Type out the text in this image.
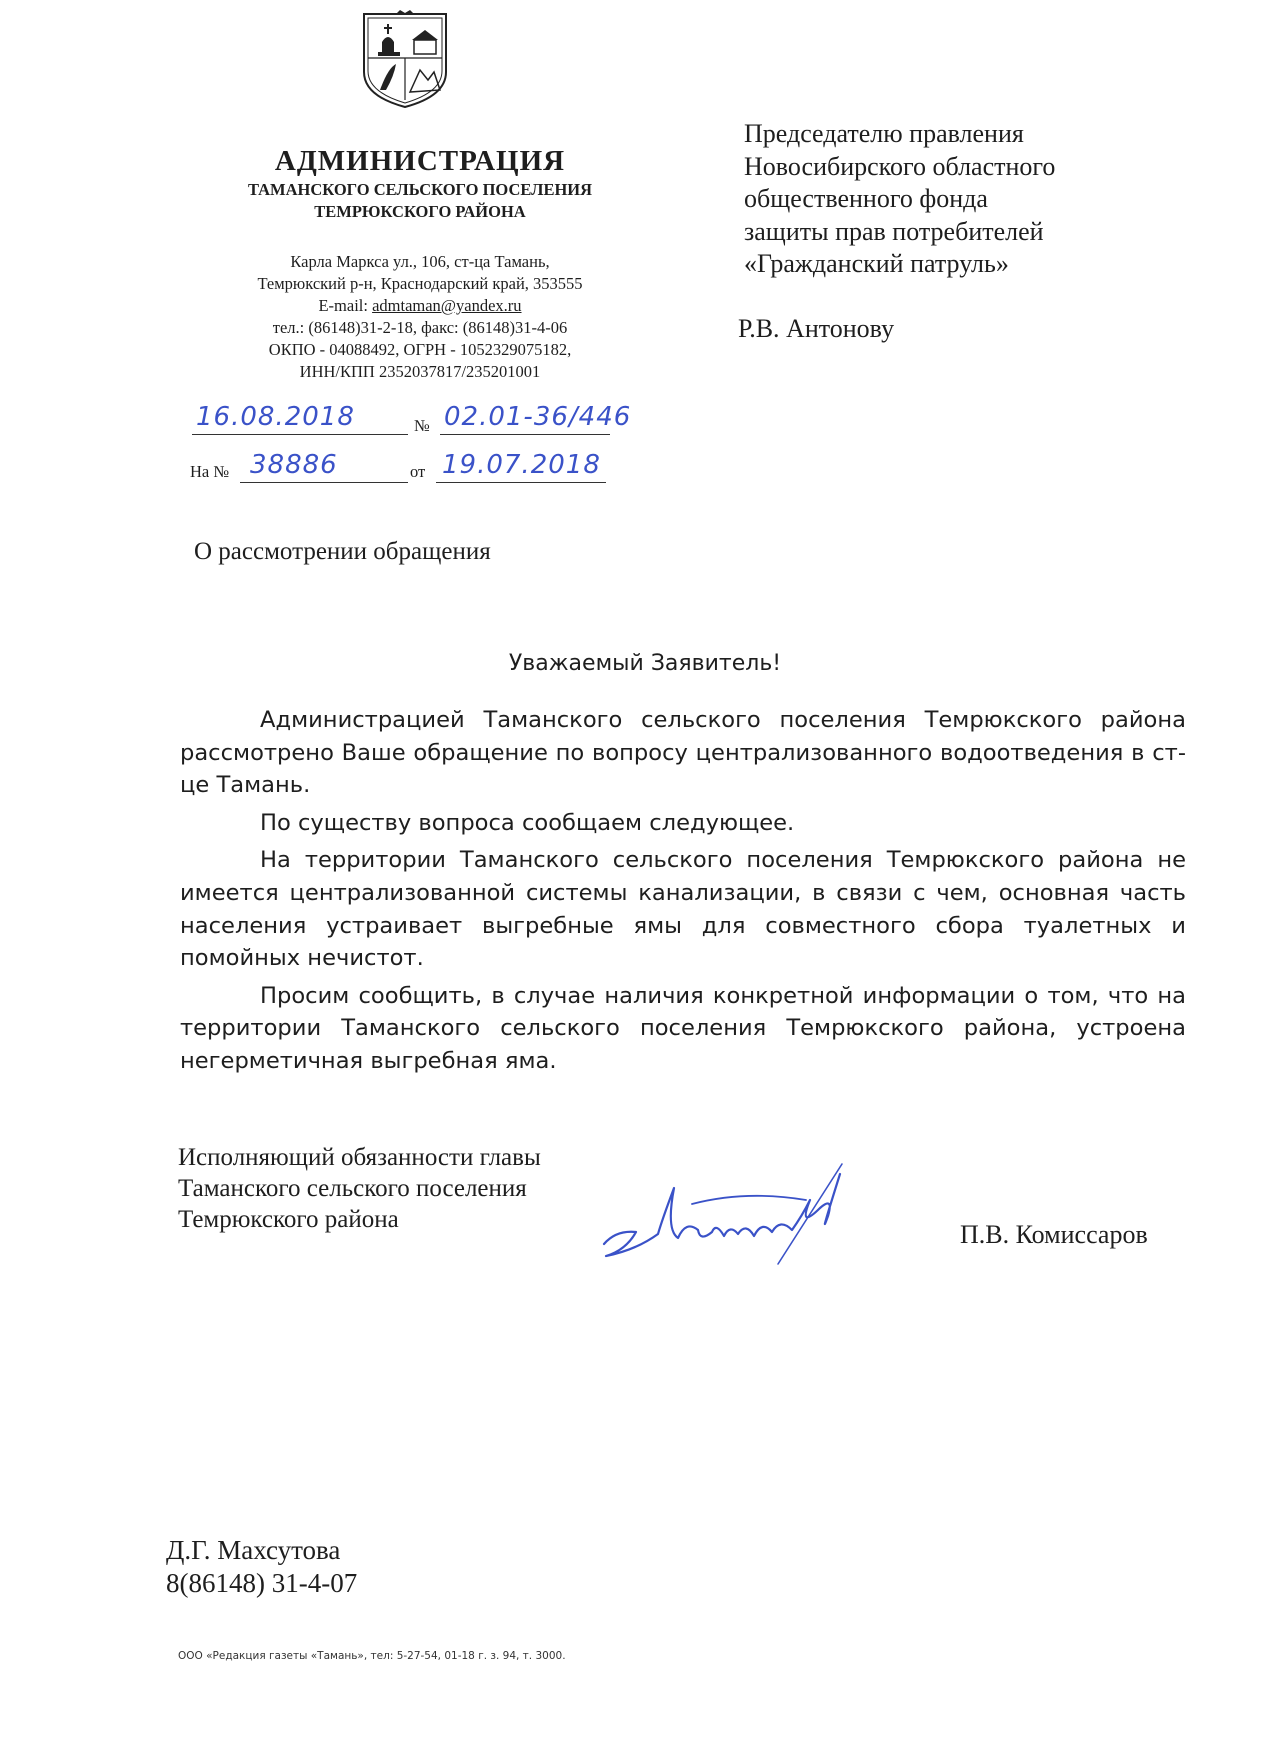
АДМИНИСТРАЦИЯ
ТАМАНСКОГО СЕЛЬСКОГО ПОСЕЛЕНИЯ
ТЕМРЮКСКОГО РАЙОНА
Карла Маркса ул., 106, ст-ца Тамань,
Темрюкский р-н, Краснодарский край, 353555
E-mail: admtaman@yandex.ru
тел.: (86148)31-2-18, факс: (86148)31-4-06
ОКПО - 04088492, ОГРН - 1052329075182,
ИНН/КПП 2352037817/235201001
16.08.2018	№ 02.01-36/446
На № 38886	от 19.07.2018
Председателю правления
Новосибирского областного
общественного фонда
защиты прав потребителей
«Гражданский патруль»
Р.В. Антонову
О рассмотрении обращения
Уважаемый Заявитель!

Администрацией Таманского сельского поселения Темрюкского района рассмотрено Ваше обращение по вопросу централизованного водоотведения в ст-це Тамань.

По существу вопроса сообщаем следующее.

На территории Таманского сельского поселения Темрюкского района не имеется централизованной системы канализации, в связи с чем, основная часть населения устраивает выгребные ямы для совместного сбора туалетных и помойных нечистот.

Просим сообщить, в случае наличия конкретной информации о том, что на территории Таманского сельского поселения Темрюкского района, устроена негерметичная выгребная яма.

Исполняющий обязанности главы
Таманского сельского поселения
Темрюкского района
П.В. Комиссаров
Д.Г. Махсутова
8(86148) 31-4-07
ООО «Редакция газеты «Тамань», тел: 5-27-54, 01-18 г. з. 94, т. 3000.
